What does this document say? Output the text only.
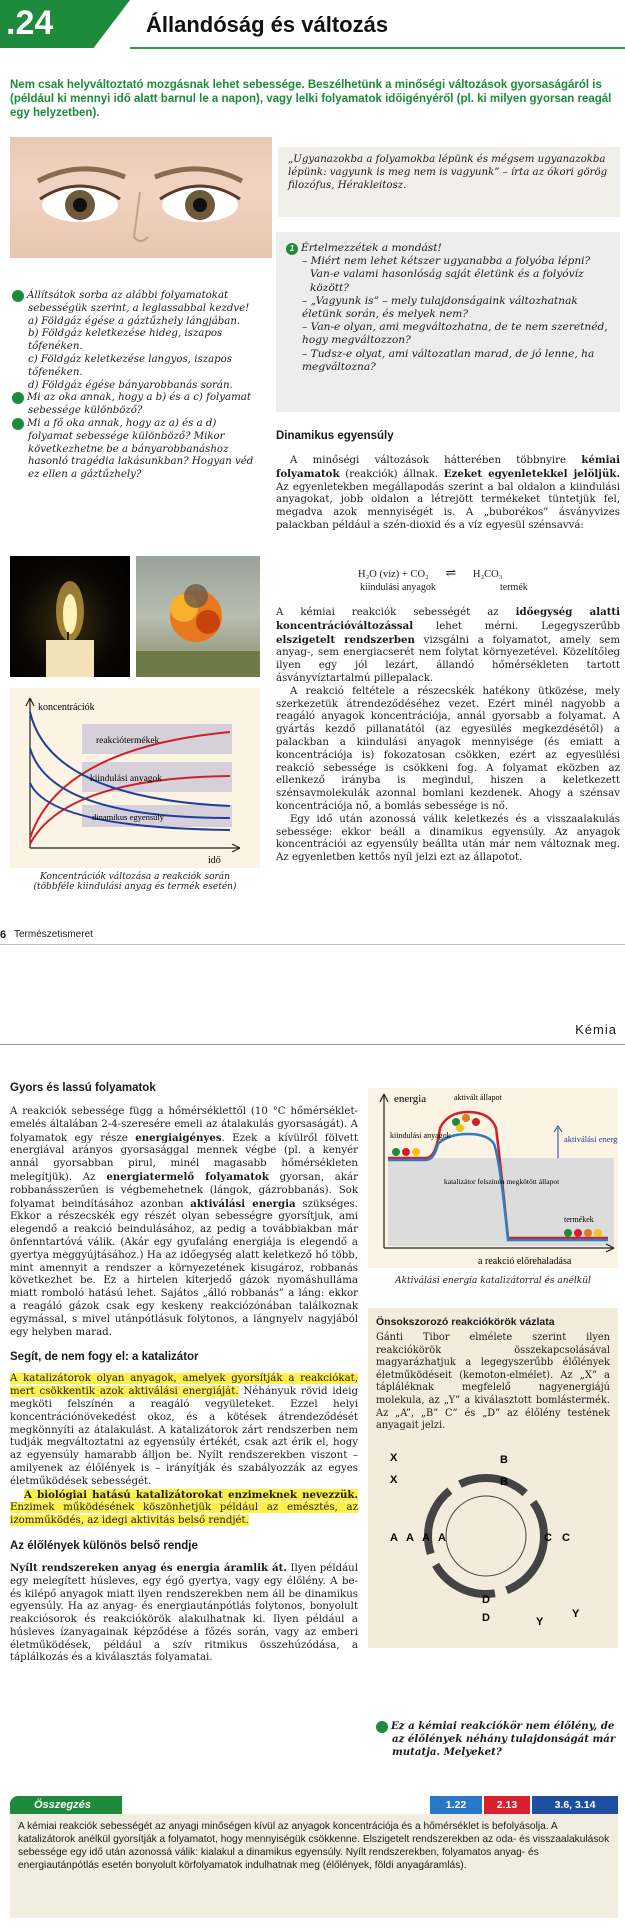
.24	Állandóság és változás
Nem csak helyváltoztató mozgásnak lehet sebessége. Beszélhetünk a minőségi változások gyorsaságáról is (például ki mennyi idő alatt barnul le a napon), vagy lelki folyamatok időigényéről (pl. ki milyen gyorsan reagál egy helyzetben).
„Ugyanazokba a folyamokba lépünk és mégsem ugyanazokba lépünk: vagyunk is meg nem is vagyunk” – írta az ókori görög filozófus, Hérakleitosz.
1 Értelmezzétek a mondást!

– Miért nem lehet kétszer ugyanabba a folyóba lépni?
Van-e valami hasonlóság saját életünk és a folyóvíz között?
– „Vagyunk is” – mely tulajdonságaink változhatnak életünk során, és melyek nem?
– Van-e olyan, ami megváltozhatna, de te nem szeretnéd, hogy megváltozzon?
– Tudsz-e olyat, ami változatlan marad, de jó lenne, ha megváltozna?
2 Állítsátok sorba az alábbi folyamatokat sebességük szerint, a leglassabbal kezdve!
a) Földgáz égése a gáztűzhely lángjában.
b) Földgáz keletkezése hideg, iszapos tőfenéken.
c) Földgáz keletkezése langyos, iszapos tőfenéken.
d) Földgáz égése bányarobbanás során.
3 Mi az oka annak, hogy a b) és a c) folyamat sebessége különböző?
4 Mi a fő oka annak, hogy az a) és a d) folyamat sebessége különböző? Mikor következhetne be a bányarobbanáshoz hasonló tragédia lakásunkban? Hogyan véd ez ellen a gáztűzhely?
koncentrációk
reakciótermékek
kiindulási anyagok
dinamikus egyensúly
idő
Koncentrációk változása a reakciók során
(többféle kiindulási anyag és termék esetén)
Dinamikus egyensúly
A minőségi változások hátterében többnyire kémiai folyamatok (reakciók) állnak. Ezeket egyenletekkel jelöljük. Az egyenletekben megállapodás szerint a bal oldalon a kiindulási anyagokat, jobb oldalon a létrejött termékeket tüntetjük fel, megadva azok mennyiségét is. A „buborékos” ásványvizes palackban például a szén-dioxid és a víz egyesül szénsavvá:
H₂O (víz) + CO₂ ⇌ H₂CO₃
kiindulási anyagok	termék
A kémiai reakciók sebességét az időegység alatti koncentrációváltozással lehet mérni. Legegyszerűbb elszigetelt rendszerben vizsgálni a folyamatot, amely sem anyag-, sem energiacserét nem folytat környezetével. Közelítőleg ilyen egy jól lezárt, állandó hőmérsékleten tartott ásványvíztartalmú pillepalack.
A reakció feltétele a részecskék hatékony ütközése, mely szerkezetük átrendeződéséhez vezet. Ezért minél nagyobb a reagáló anyagok koncentrációja, annál gyorsabb a folyamat. A gyártás kezdő pillanatától (az egyesülés megkezdésétől) a palackban a kiindulási anyagok mennyisége (és emiatt a koncentrációja is) fokozatosan csökken, ezért az egyesülési reakció sebessége is csökkeni fog. A folyamat eközben az ellenkező irányba is megindul, hiszen a keletkezett szénsavmolekulák azonnal bomlani kezdenek. Ahogy a szénsav koncentrációja nő, a bomlás sebessége is nő.
Egy idő után azonossá válik keletkezés és a visszaalakulás sebessége: ekkor beáll a dinamikus egyensúly. Az anyagok koncentrációi az egyensúly beállta után már nem változnak meg. Az egyenletben kettős nyíl jelzi ezt az állapotot.
6 Természetismeret
Kémia
Gyors és lassú folyamatok
A reakciók sebessége függ a hőmérséklettől (10 °C hőmérséklet-emelés általában 2-4-szeresére emeli az átalakulás gyorsaságát). A folyamatok egy része energiaigényes. Ezek a kívülről fölvett energiával arányos gyorsasággal mennek végbe (pl. a kenyér annál gyorsabban pirul, minél magasabb hőmérsékleten melegítjük). Az energiatermelő folyamatok gyorsan, akár robbanásszerűen is végbemehetnek (lángok, gázrobbanás). Sok folyamat beindításához azonban aktiválási energia szükséges. Ekkor a részecskék egy részét olyan sebességre gyorsítjuk, ami elegendő a reakció beindulásához, az pedig a továbbiakban már önfenntartóvá válik. (Akár egy gyufaláng energiája is elegendő a gyertya meggyújtásához.) Ha az időegység alatt keletkező hő több, mint amennyit a rendszer a környezetének kisugároz, robbanás következhet be. Ez a hirtelen kiterjedő gázok nyomáshulláma miatt romboló hatású lehet. Sajátos „álló robbanás” a láng: ekkor a reagáló gázok csak egy keskeny reakciózónában találkoznak egymással, s mivel utánpótlásuk folytonos, a lángnyelv nagyjából egy helyben marad.
Segít, de nem fogy el: a katalizátor
A katalizátorok olyan anyagok, amelyek gyorsítják a reakciókat, mert csökkentik azok aktiválási energiáját. Néhányuk rövid ideig megköti felszínén a reagáló vegyületeket. Ezzel helyi koncentrációnövekedést okoz, és a kötések átrendeződését megkönnyíti az átalakulást. A katalizátorok zárt rendszerben nem tudják megváltoztatni az egyensúly értékét, csak azt érik el, hogy az egyensúly hamarabb álljon be. Nyílt rendszerekben viszont – amilyenek az élőlények is – irányítják és szabályozzák az egyes életműködések sebességét.
A biológiai hatású katalizátorokat enzimeknek nevezzük. Enzimek működésének köszönhetjük például az emésztés, az izomműködés, az idegi aktivitás belső rendjét.
Az élőlények különös belső rendje
Nyílt rendszereken anyag és energia áramlik át. Ilyen például egy melegített húsleves, egy égő gyertya, vagy egy élőlény. A be- és kilépő anyagok miatt ilyen rendszerekben nem áll be dinamikus egyensúly. Ha az anyag- és energiautánpótlás folytonos, bonyolult reakciósorok és reakciókörök alakulhatnak ki. Ilyen például a húsleves ízanyagainak képződése a főzés során, vagy az emberi életműködések, például a szív ritmikus összehúzódása, a táplálkozás és a kiválasztás folyamatai.
energia	aktivált állapot
kiindulási anyagok	aktiválási energia
katalizátor felszínén megkötött állapot
termékek
a reakció előrehaladása
Aktiválási energia katalizátorral és anélkül
Önsokszorozó reakciókörök vázlata
Gánti Tibor elmélete szerint ilyen reakciókörök összekapcsolásával magyarázhatjuk a legegyszerűbb élőlények életműködéseit (kemoton-elmélet). Az „X” a tápláléknak megfelelő nagyenergiájú molekula, az „Y” a kiválasztott bomlástermék. Az „A”, „B” C” és „D” az élőlény testének anyagait jelzi.
X
X
B
B
A A A A	C C
D
D	Y
Y
5 Ez a kémiai reakciókör nem élőlény, de az élőlények néhány tulajdonságát már mutatja. Melyeket?
Összegzés	1.22	2.13	3.6, 3.14
A kémiai reakciók sebességét az anyagi minőségen kívül az anyagok koncentrációja és a hőmérséklet is befolyásolja. A katalizátorok anélkül gyorsítják a folyamatot, hogy mennyiségük csökkenne. Elszigetelt rendszerekben az oda- és visszaalakulások sebessége egy idő után azonossá válik: kialakul a dinamikus egyensúly. Nyílt rendszerekben, folyamatos anyag- és energiautánpótlás esetén bonyolult körfolyamatok indulhatnak meg (élőlények, földi anyagáramlás).
